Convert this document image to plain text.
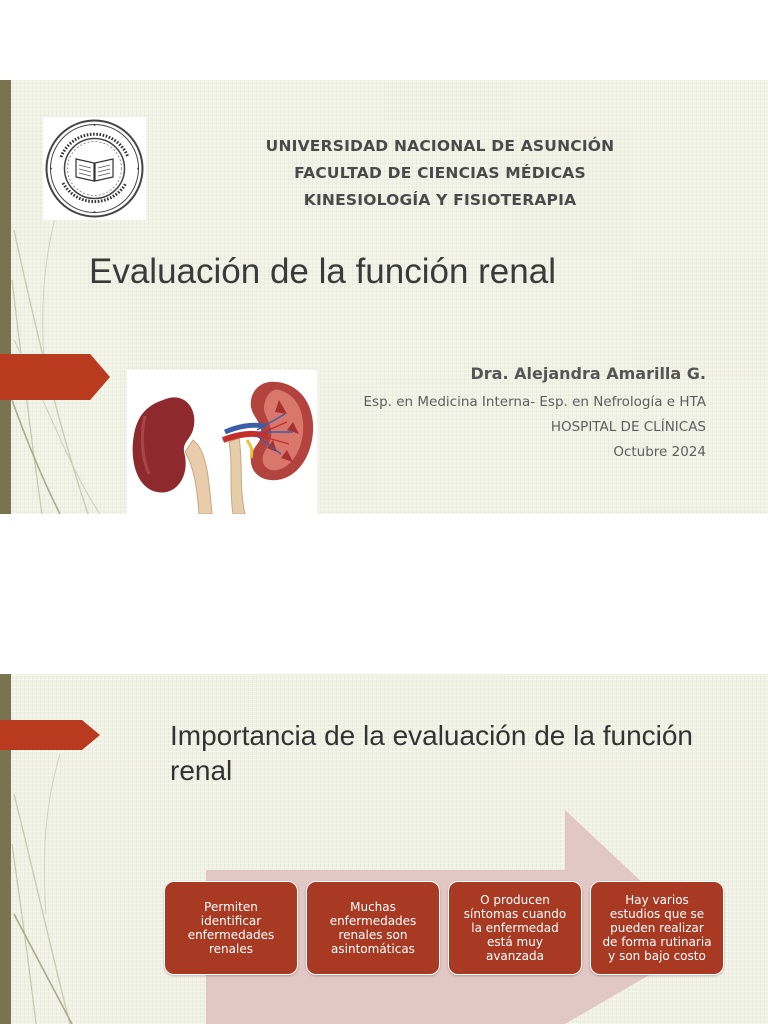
UNIVERSIDAD NACIONAL DE ASUNCIÓN
FACULTAD DE CIENCIAS MÉDICAS
KINESIOLOGÍA Y FISIOTERAPIA
Evaluación de la función renal
Dra. Alejandra Amarilla G.
Esp. en Medicina Interna- Esp. en Nefrología e HTA
HOSPITAL DE CLÍNICAS
Octubre 2024
Importancia de la evaluación de la función renal
Permiten identificar enfermedades renales
Muchas enfermedades renales son asintomáticas
O producen síntomas cuando la enfermedad está muy avanzada
Hay varios estudios que se pueden realizar de forma rutinaria y son bajo costo
